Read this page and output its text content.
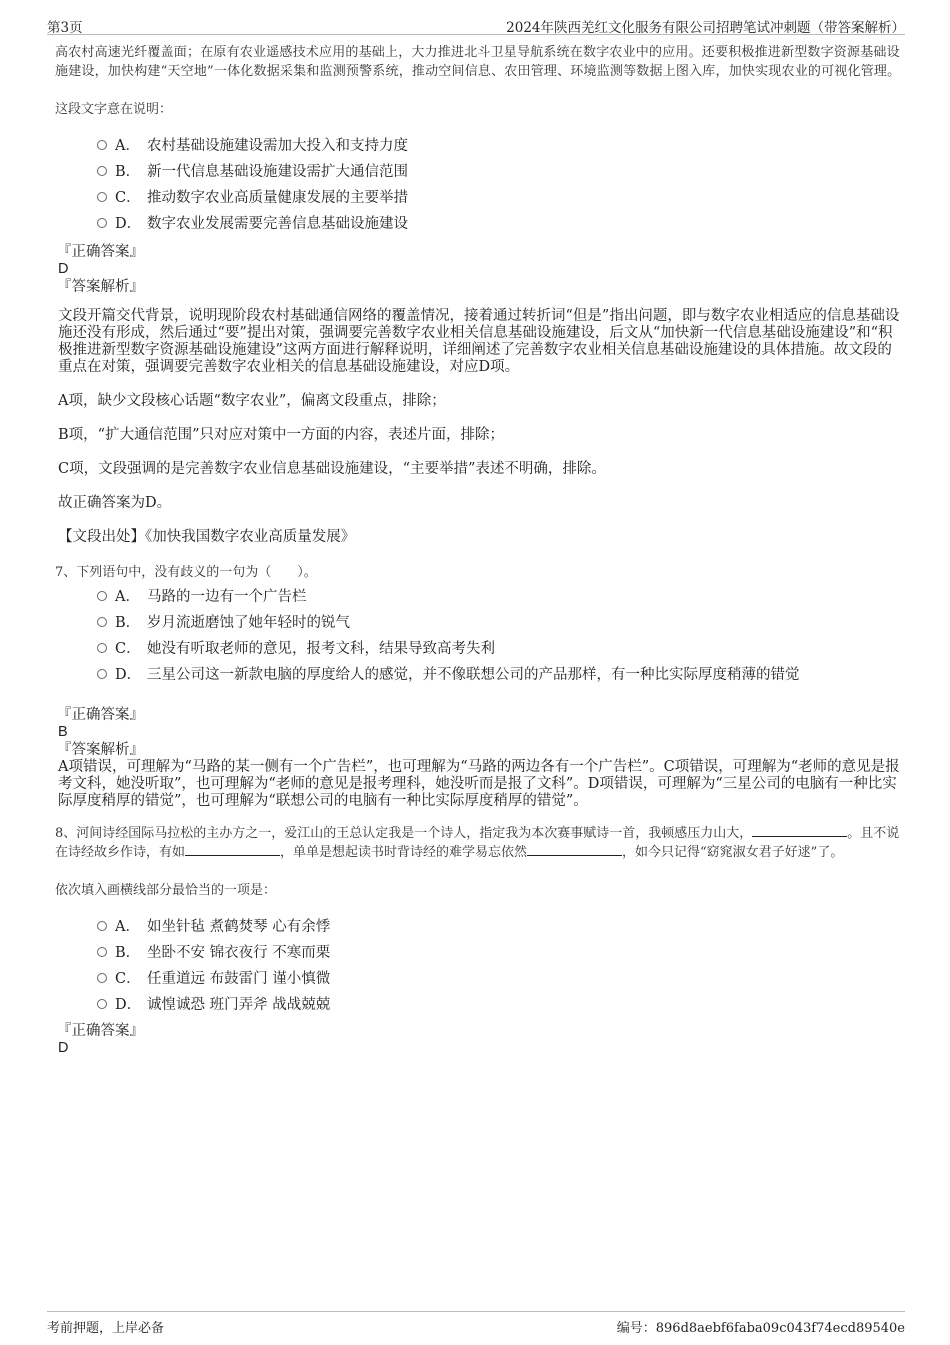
第3页	2024年陕西羌红文化服务有限公司招聘笔试冲刺题（带答案解析）

高农村高速光纤覆盖面；在原有农业遥感技术应用的基础上，大力推进北斗卫星导航系统在数字农业中的应用。还要积极推进新型数字资源基础设施建设，加快构建“天空地”一体化数据采集和监测预警系统，推动空间信息、农田管理、环境监测等数据上图入库，加快实现农业的可视化管理。

这段文字意在说明：

A． 农村基础设施建设需加大投入和支持力度
B． 新一代信息基础设施建设需扩大通信范围
C． 推动数字农业高质量健康发展的主要举措
D． 数字农业发展需要完善信息基础设施建设

『正确答案』

D

『答案解析』

文段开篇交代背景，说明现阶段农村基础通信网络的覆盖情况，接着通过转折词“但是”指出问题，即与数字农业相适应的信息基础设施还没有形成，然后通过“要”提出对策，强调要完善数字农业相关信息基础设施建设，后文从“加快新一代信息基础设施建设”和“积极推进新型数字资源基础设施建设”这两方面进行解释说明，详细阐述了完善数字农业相关信息基础设施建设的具体措施。故文段的重点在对策，强调要完善数字农业相关的信息基础设施建设，对应D项。

A项，缺少文段核心话题“数字农业”，偏离文段重点，排除；

B项，“扩大通信范围”只对应对策中一方面的内容，表述片面，排除；

C项，文段强调的是完善数字农业信息基础设施建设，“主要举措”表述不明确，排除。

故正确答案为D。

【文段出处】《加快我国数字农业高质量发展》

7、下列语句中，没有歧义的一句为（　　）。

A． 马路的一边有一个广告栏
B． 岁月流逝磨蚀了她年轻时的锐气
C． 她没有听取老师的意见，报考文科，结果导致高考失利
D． 三星公司这一新款电脑的厚度给人的感觉，并不像联想公司的产品那样，有一种比实际厚度稍薄的错觉

『正确答案』

B

『答案解析』

A项错误，可理解为“马路的某一侧有一个广告栏”，也可理解为“马路的两边各有一个广告栏”。C项错误，可理解为“老师的意见是报考文科，她没听取”，也可理解为“老师的意见是报考理科，她没听而是报了文科”。D项错误，可理解为“三星公司的电脑有一种比实际厚度稍厚的错觉”，也可理解为“联想公司的电脑有一种比实际厚度稍厚的错觉”。

8、河间诗经国际马拉松的主办方之一，爱江山的王总认定我是一个诗人，指定我为本次赛事赋诗一首，我顿感压力山大，	。且不说在诗经故乡作诗，有如	，单单是想起读书时背诗经的难学易忘依然	，如今只记得“窈窕淑女君子好逑”了。

依次填入画横线部分最恰当的一项是：

A． 如坐针毡 煮鹤焚琴 心有余悸
B． 坐卧不安 锦衣夜行 不寒而栗
C． 任重道远 布鼓雷门 谨小慎微
D． 诚惶诚恐 班门弄斧 战战兢兢

『正确答案』

D

考前押题，上岸必备	编号：896d8aebf6faba09c043f74ecd89540e
